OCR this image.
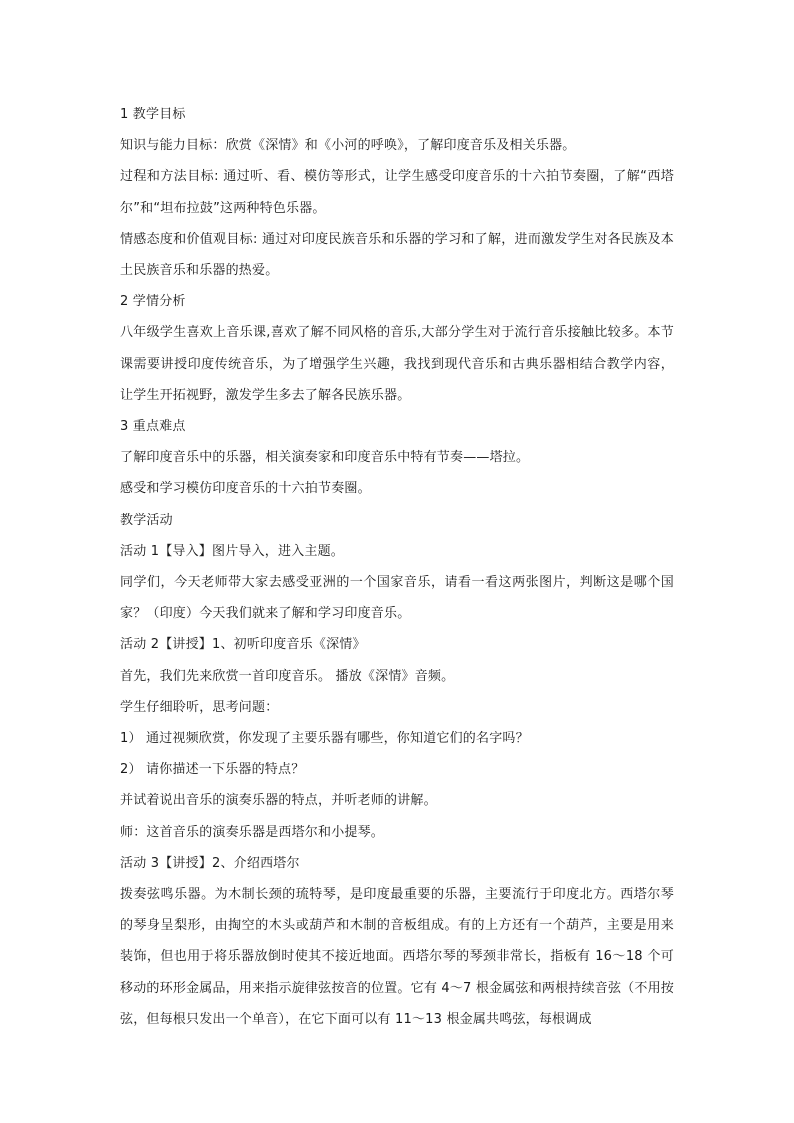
1 教学目标

知识与能力目标：欣赏《深情》和《小河的呼唤》，了解印度音乐及相关乐器。

过程和方法目标: 通过听、看、模仿等形式，让学生感受印度音乐的十六拍节奏圈，了解“西塔尔”和“坦布拉鼓”这两种特色乐器。

情感态度和价值观目标: 通过对印度民族音乐和乐器的学习和了解，进而激发学生对各民族及本土民族音乐和乐器的热爱。

2 学情分析

八年级学生喜欢上音乐课,喜欢了解不同风格的音乐,大部分学生对于流行音乐接触比较多。本节课需要讲授印度传统音乐，为了增强学生兴趣，我找到现代音乐和古典乐器相结合教学内容，让学生开拓视野，激发学生多去了解各民族乐器。

3 重点难点

了解印度音乐中的乐器，相关演奏家和印度音乐中特有节奏——塔拉。

感受和学习模仿印度音乐的十六拍节奏圈。

教学活动

活动 1【导入】图片导入，进入主题。

同学们，今天老师带大家去感受亚洲的一个国家音乐，请看一看这两张图片，判断这是哪个国家？（印度）今天我们就来了解和学习印度音乐。

活动 2【讲授】1、初听印度音乐《深情》

首先，我们先来欣赏一首印度音乐。 播放《深情》音频。

学生仔细聆听，思考问题：

1） 通过视频欣赏，你发现了主要乐器有哪些，你知道它们的名字吗？

2） 请你描述一下乐器的特点？

并试着说出音乐的演奏乐器的特点，并听老师的讲解。

师：这首音乐的演奏乐器是西塔尔和小提琴。

活动 3【讲授】2、介绍西塔尔

拨奏弦鸣乐器。为木制长颈的琉特琴，是印度最重要的乐器，主要流行于印度北方。西塔尔琴的琴身呈梨形，由掏空的木头或葫芦和木制的音板组成。有的上方还有一个葫芦，主要是用来装饰，但也用于将乐器放倒时使其不接近地面。西塔尔琴的琴颈非常长，指板有 16～18 个可移动的环形金属品，用来指示旋律弦按音的位置。它有 4～7 根金属弦和两根持续音弦（不用按弦，但每根只发出一个单音），在它下面可以有 11～13 根金属共鸣弦，每根调成
